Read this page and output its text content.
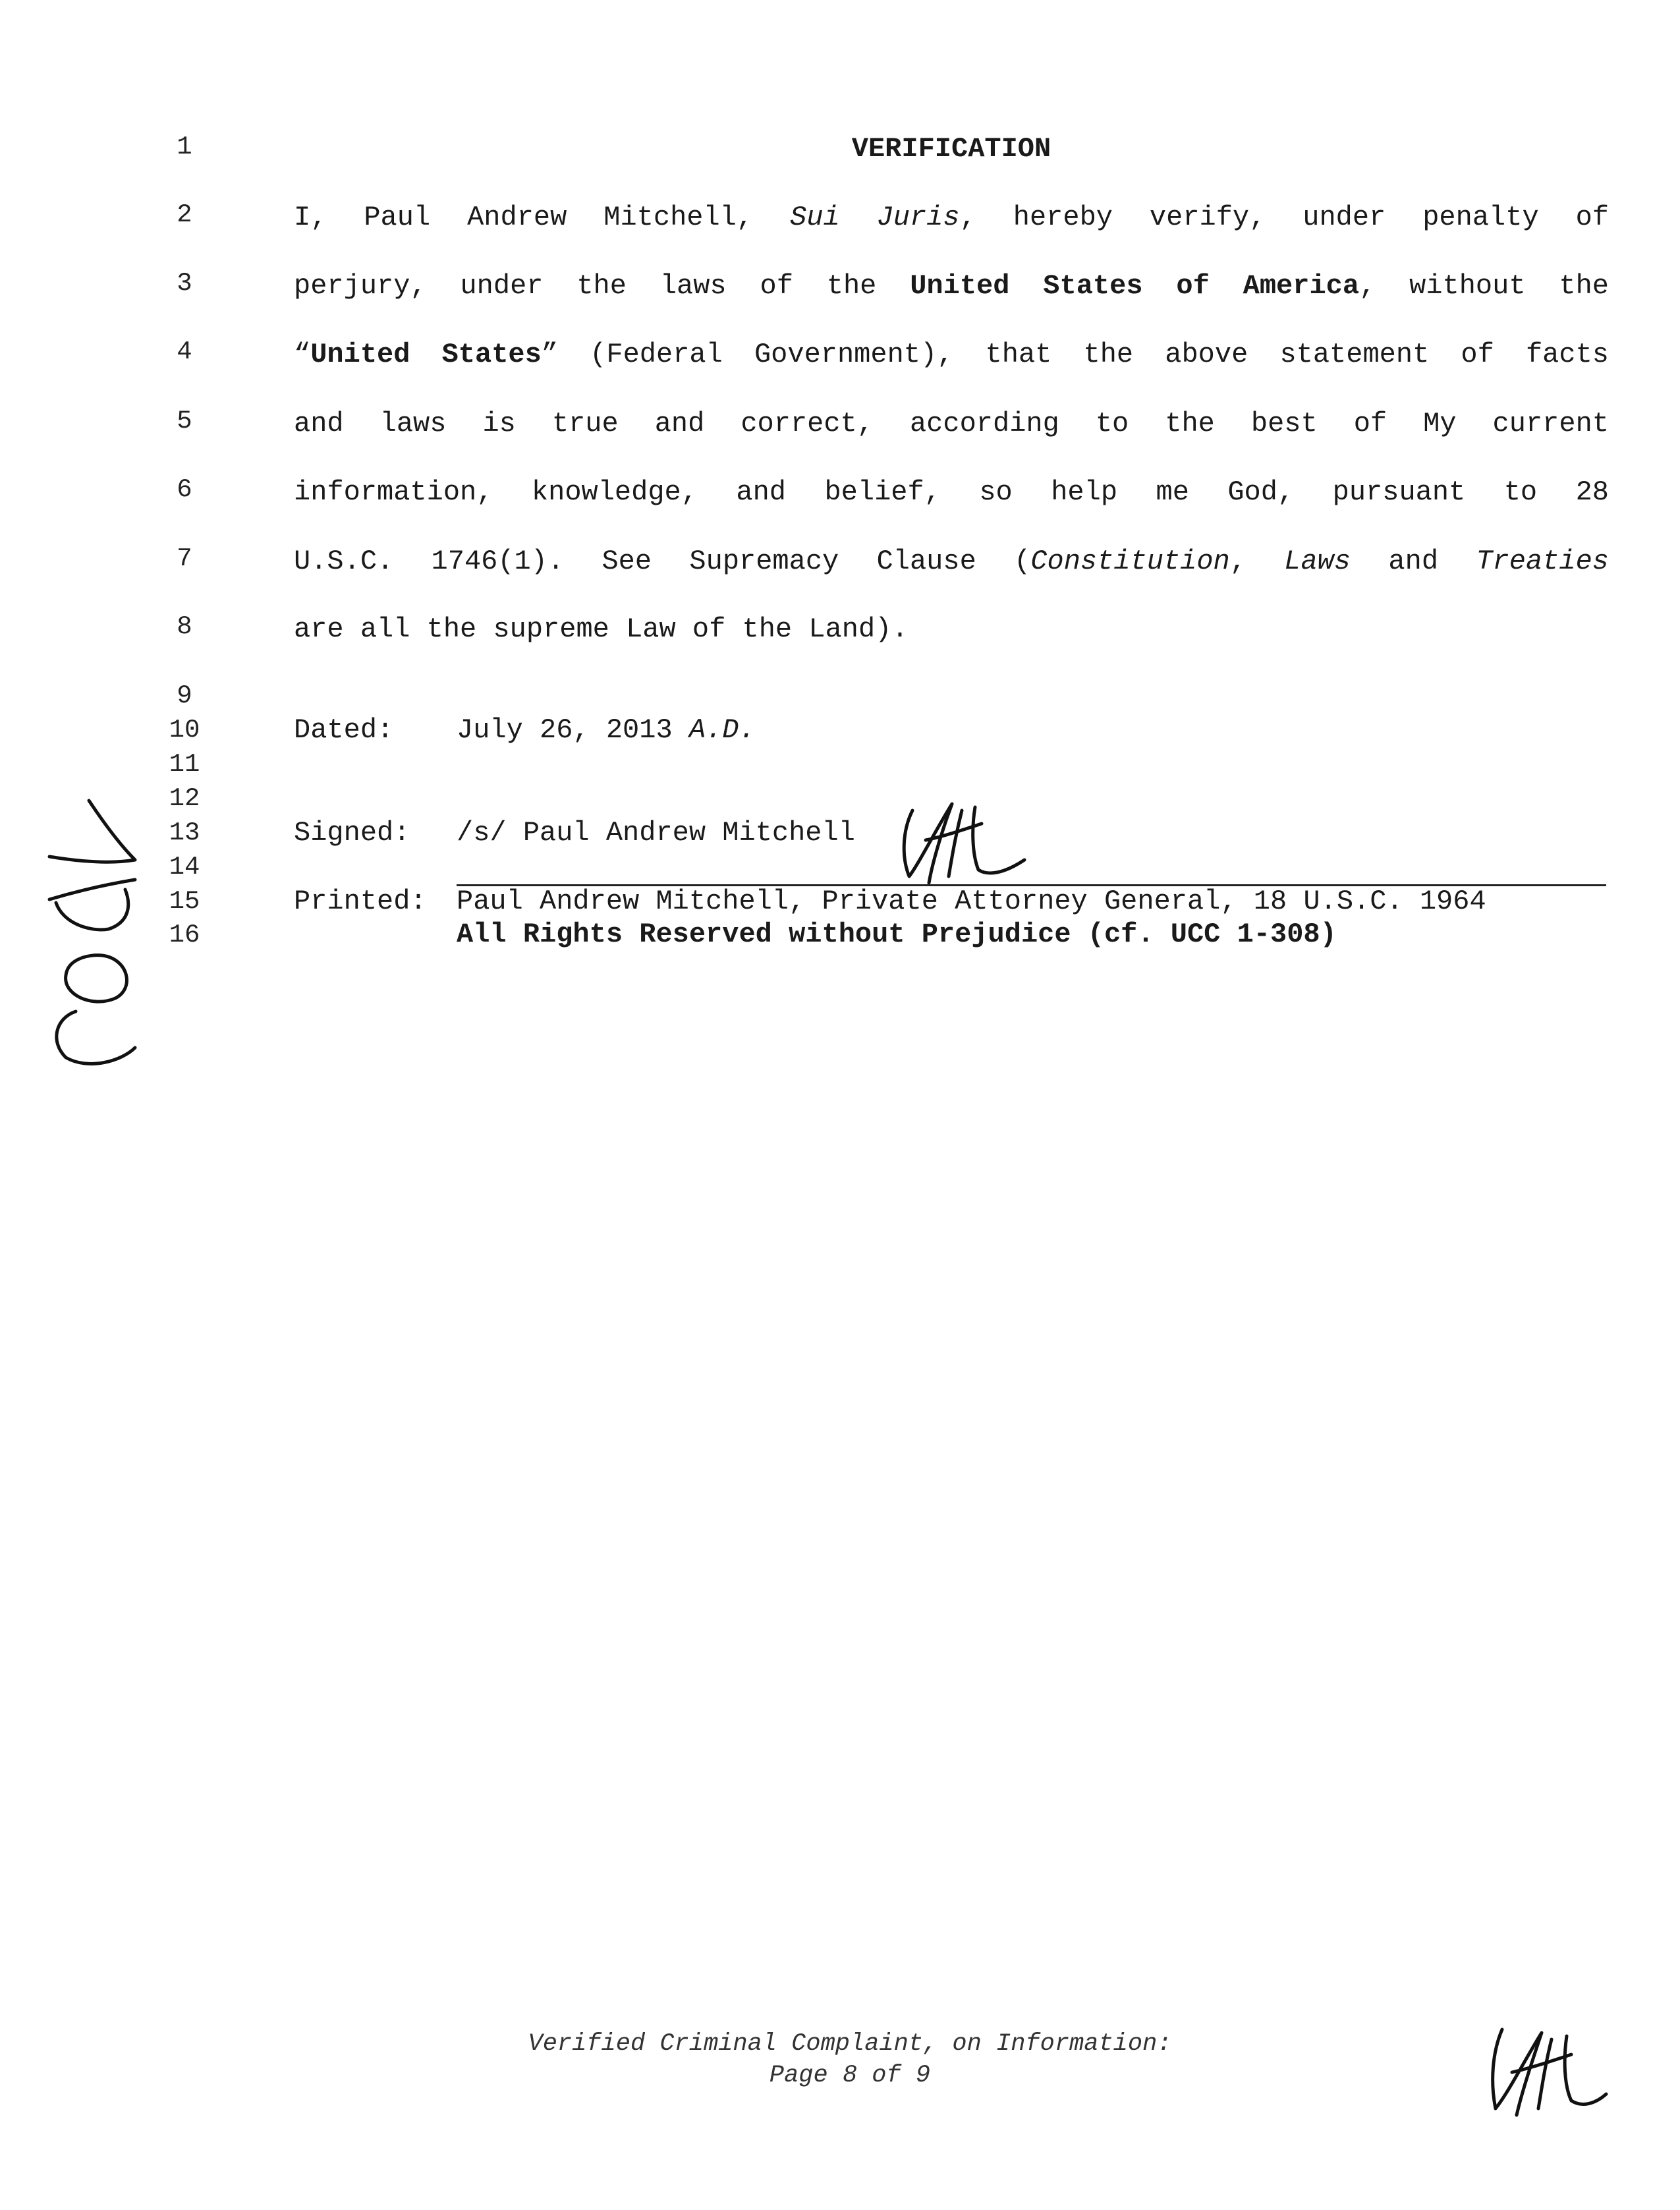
1
2
3
4
5
6
7
8
9
10
11
12
13
14
15
16
VERIFICATION
I, Paul Andrew Mitchell, Sui Juris, hereby verify, under penalty of
perjury, under the laws of the United States of America, without the
“United States” (Federal Government), that the above statement of facts
and laws is true and correct, according to the best of My current
information, knowledge, and belief, so help me God, pursuant to 28
U.S.C. 1746(1). See Supremacy Clause (Constitution, Laws and Treaties
are all the supreme Law of the Land).
Dated: July 26, 2013 A.D.
Signed: /s/ Paul Andrew Mitchell
Printed: Paul Andrew Mitchell, Private Attorney General, 18 U.S.C. 1964
All Rights Reserved without Prejudice (cf. UCC 1-308)
Verified Criminal Complaint, on Information:
Page 8 of 9
